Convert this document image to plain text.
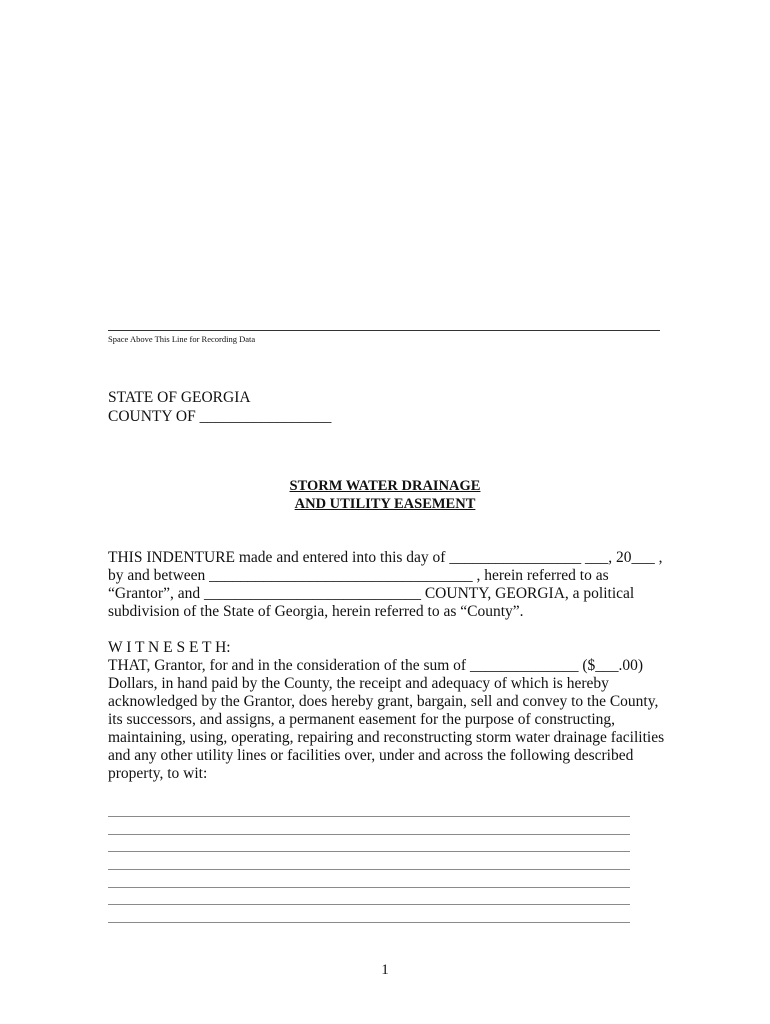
Space Above This Line for Recording Data
STATE OF GEORGIA
COUNTY OF _________________
STORM WATER DRAINAGE
AND UTILITY EASEMENT
THIS INDENTURE made and entered into this day of _________________ ___, 20___ ,
by and between __________________________________ , herein referred to as
“Grantor”, and ____________________________ COUNTY, GEORGIA, a political
subdivision of the State of Georgia, herein referred to as “County”.
W I T N E S E T H:
THAT, Grantor, for and in the consideration of the sum of ______________ ($___.00)
Dollars, in hand paid by the County, the receipt and adequacy of which is hereby
acknowledged by the Grantor, does hereby grant, bargain, sell and convey to the County,
its successors, and assigns, a permanent easement for the purpose of constructing,
maintaining, using, operating, repairing and reconstructing storm water drainage facilities
and any other utility lines or facilities over, under and across the following described
property, to wit:
1
